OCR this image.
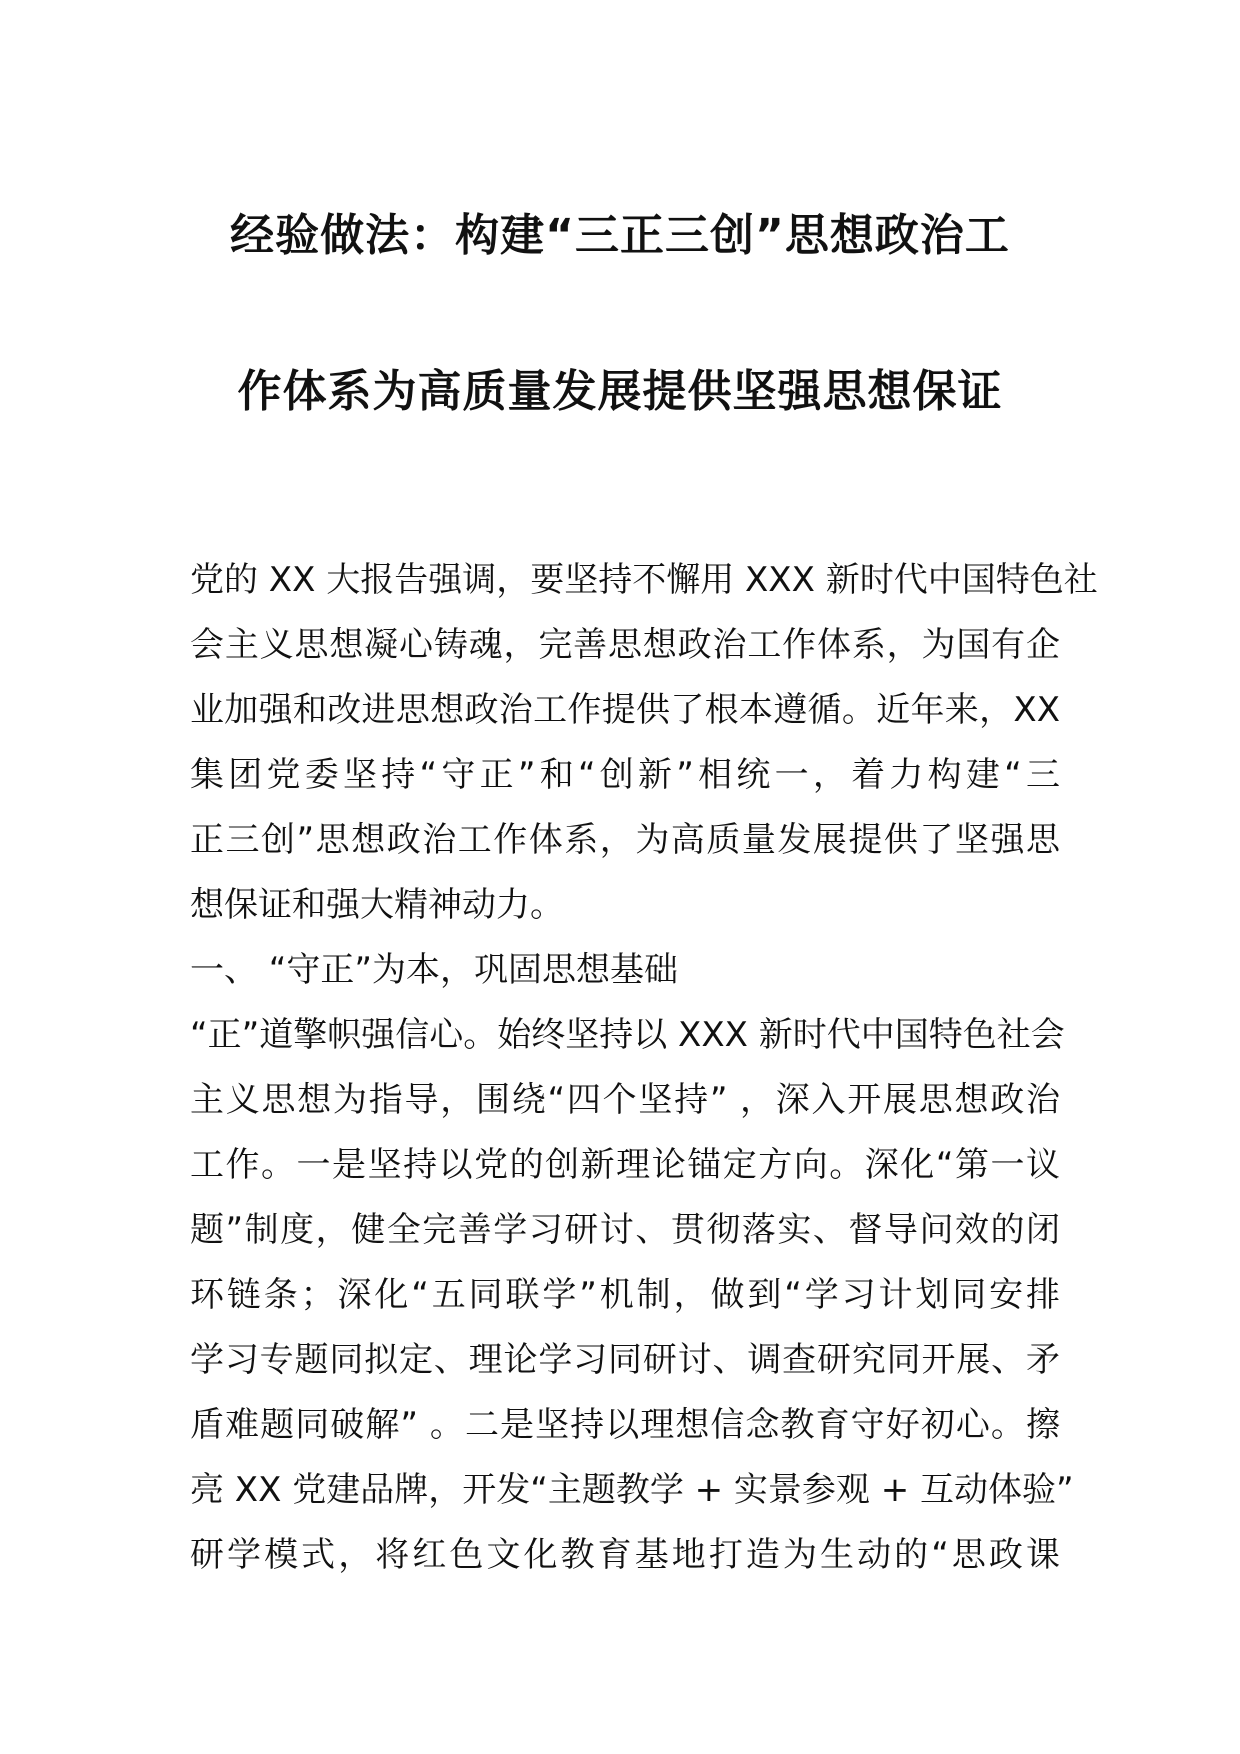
经验做法：构建“三正三创”思想政治工
作体系为高质量发展提供坚强思想保证
党的 XX 大报告强调，要坚持不懈用 XXX 新时代中国特色社
会主义思想凝心铸魂，完善思想政治工作体系，为国有企
业加强和改进思想政治工作提供了根本遵循。近年来，XX
集团党委坚持“守正”和“创新”相统一，着力构建“三
正三创”思想政治工作体系，为高质量发展提供了坚强思
想保证和强大精神动力。
一、 “守正”为本，巩固思想基础
“正”道擎帜强信心。始终坚持以 XXX 新时代中国特色社会
主义思想为指导，围绕“四个坚持” ，深入开展思想政治
工作。一是坚持以党的创新理论锚定方向。深化“第一议
题”制度，健全完善学习研讨、贯彻落实、督导问效的闭
环链条；深化“五同联学”机制，做到“学习计划同安排
学习专题同拟定、理论学习同研讨、调查研究同开展、矛
盾难题同破解” 。二是坚持以理想信念教育守好初心。擦
亮 XX 党建品牌，开发“主题教学 + 实景参观 + 互动体验”
研学模式，将红色文化教育基地打造为生动的“思政课
